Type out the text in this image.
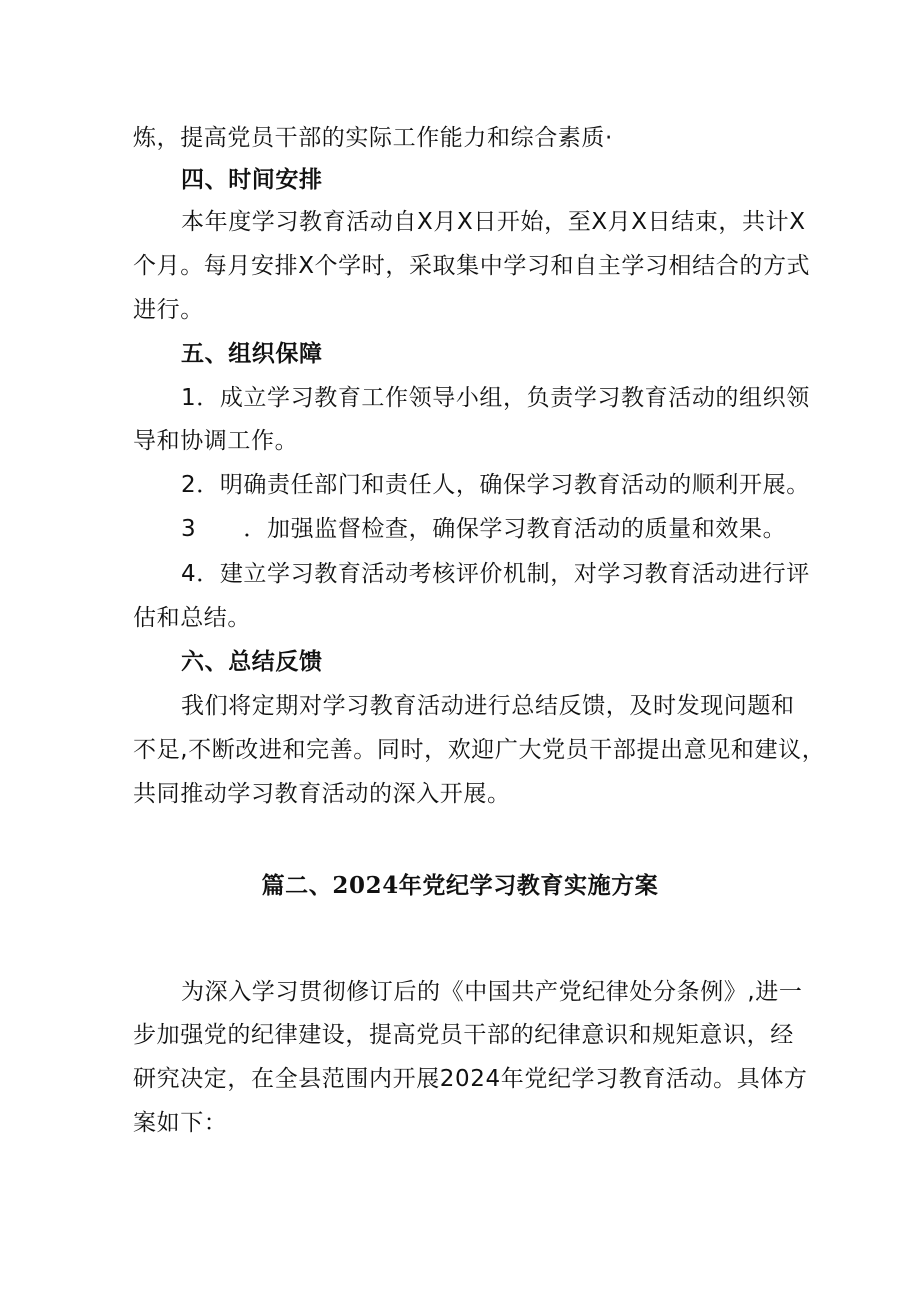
炼，提高党员干部的实际工作能力和综合素质·
四、时间安排
本年度学习教育活动自X月X日开始，至X月X日结束，共计X
个月。每月安排X个学时，采取集中学习和自主学习相结合的方式
进行。
五、组织保障
1．成立学习教育工作领导小组，负责学习教育活动的组织领
导和协调工作。
2．明确责任部门和责任人，确保学习教育活动的顺利开展。
3　　．加强监督检查，确保学习教育活动的质量和效果。
4．建立学习教育活动考核评价机制，对学习教育活动进行评
估和总结。
六、总结反馈
我们将定期对学习教育活动进行总结反馈，及时发现问题和
不足,不断改进和完善。同时，欢迎广大党员干部提出意见和建议，
共同推动学习教育活动的深入开展。
篇二、2024年党纪学习教育实施方案
为深入学习贯彻修订后的《中国共产党纪律处分条例》,进一
步加强党的纪律建设，提高党员干部的纪律意识和规矩意识，经
研究决定，在全县范围内开展2024年党纪学习教育活动。具体方
案如下：
